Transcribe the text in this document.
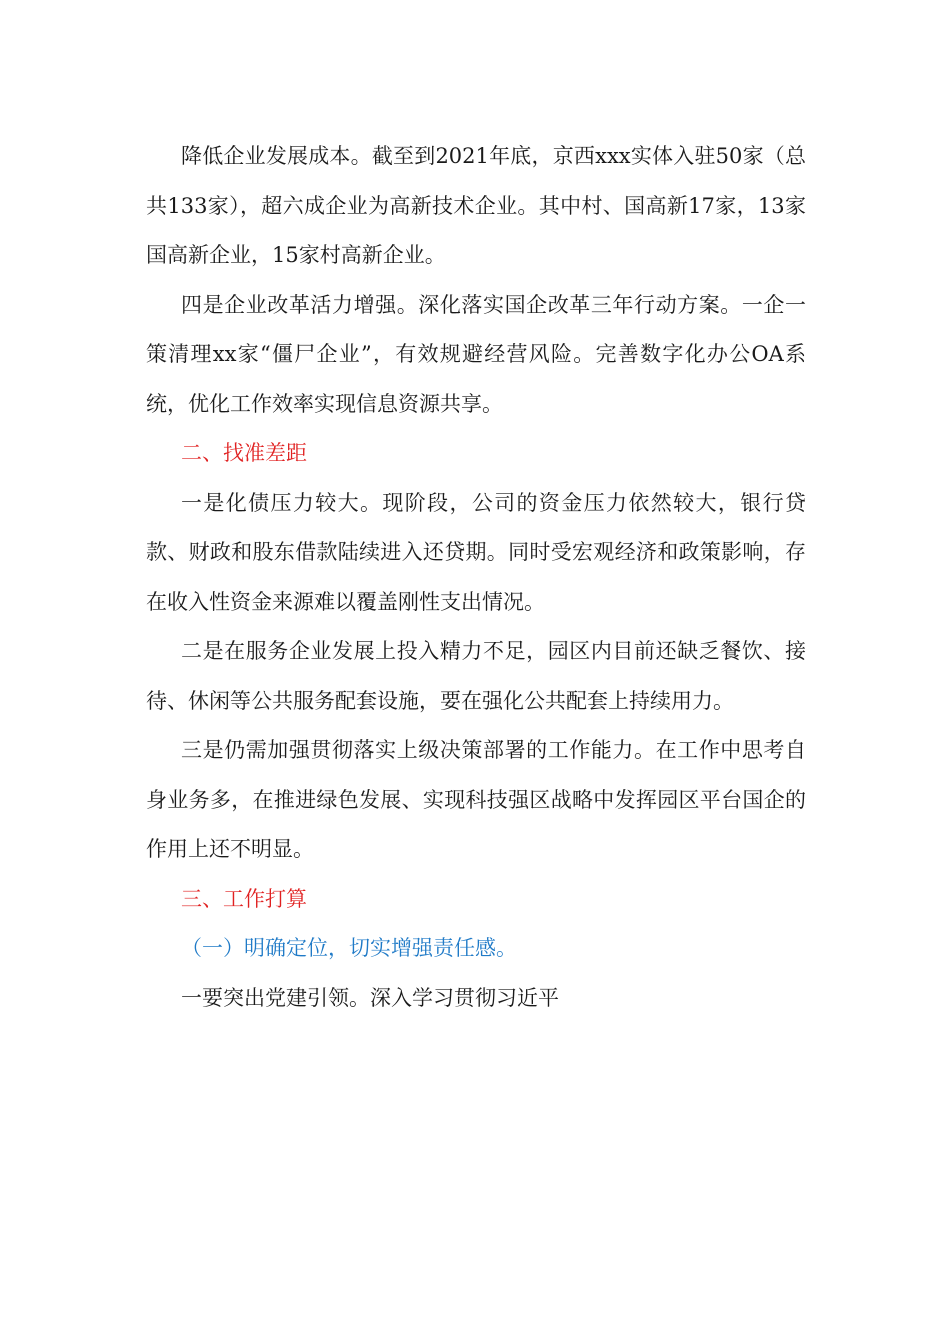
降低企业发展成本。截至到2021年底，京西xxx实体入驻50家（总共133家），超六成企业为高新技术企业。其中村、国高新17家，13家国高新企业，15家村高新企业。

四是企业改革活力增强。深化落实国企改革三年行动方案。一企一策清理xx家“僵尸企业”，有效规避经营风险。完善数字化办公OA系统，优化工作效率实现信息资源共享。

二、找准差距

一是化债压力较大。现阶段，公司的资金压力依然较大，银行贷款、财政和股东借款陆续进入还贷期。同时受宏观经济和政策影响，存在收入性资金来源难以覆盖刚性支出情况。

二是在服务企业发展上投入精力不足，园区内目前还缺乏餐饮、接待、休闲等公共服务配套设施，要在强化公共配套上持续用力。

三是仍需加强贯彻落实上级决策部署的工作能力。在工作中思考自身业务多，在推进绿色发展、实现科技强区战略中发挥园区平台国企的作用上还不明显。

三、工作打算

（一）明确定位，切实增强责任感。

一要突出党建引领。深入学习贯彻习近平
